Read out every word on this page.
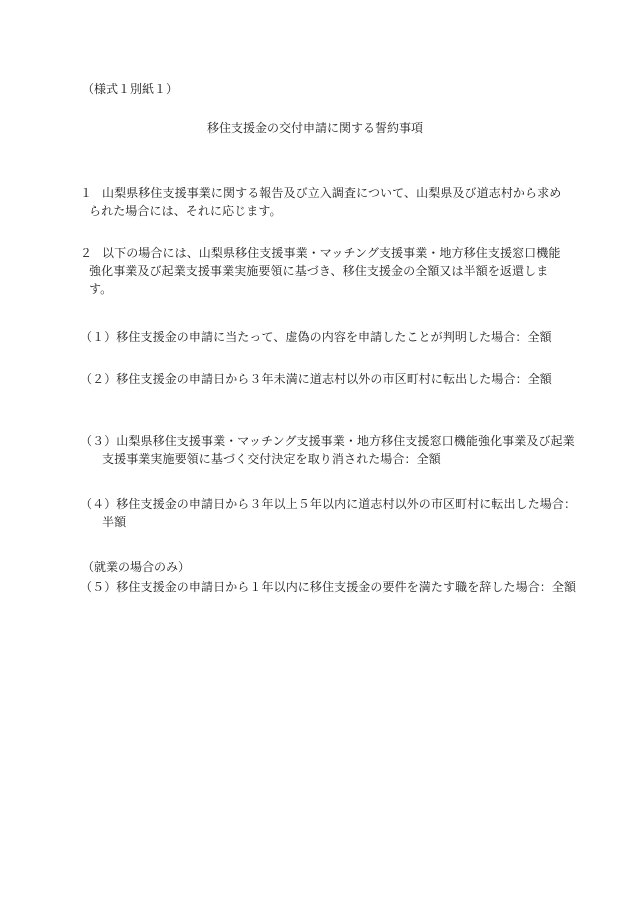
（様式１別紙１）
移住支援金の交付申請に関する誓約事項
１ 山梨県移住支援事業に関する報告及び立入調査について、山梨県及び道志村から求め
られた場合には、それに応じます。
２ 以下の場合には、山梨県移住支援事業・マッチング支援事業・地方移住支援窓口機能
強化事業及び起業支援事業実施要領に基づき、移住支援金の全額又は半額を返還しま
す。
（１）移住支援金の申請に当たって、虚偽の内容を申請したことが判明した場合：全額
（２）移住支援金の申請日から３年未満に道志村以外の市区町村に転出した場合：全額
（３）山梨県移住支援事業・マッチング支援事業・地方移住支援窓口機能強化事業及び起業
支援事業実施要領に基づく交付決定を取り消された場合：全額
（４）移住支援金の申請日から３年以上５年以内に道志村以外の市区町村に転出した場合：
半額
（就業の場合のみ）
（５）移住支援金の申請日から１年以内に移住支援金の要件を満たす職を辞した場合：全額
